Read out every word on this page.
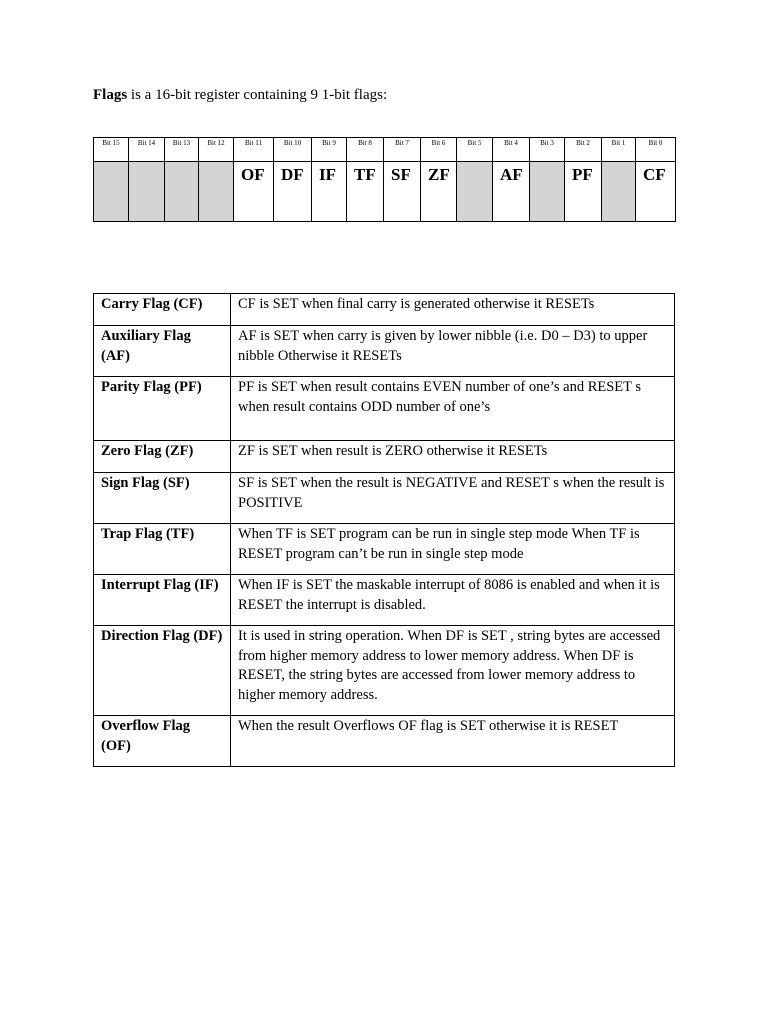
Flags is a 16-bit register containing 9 1-bit flags:
Bit 15	Bit 14	Bit 13	Bit 12	Bit 11	Bit 10	Bit 9	Bit 8	Bit 7	Bit 6	Bit 5	Bit 4	Bit 3	Bit 2	Bit 1	Bit 0
				OF	DF	IF	TF	SF	ZF		AF		PF		CF
Carry Flag (CF)	CF is SET when final carry is generated otherwise it RESETs
Auxiliary Flag (AF)	AF is SET when carry is given by lower nibble (i.e. D0 – D3) to upper nibble Otherwise it RESETs
Parity Flag (PF)	PF is SET when result contains EVEN number of one’s and RESET s when result contains ODD number of one’s
Zero Flag (ZF)	ZF is SET when result is ZERO otherwise it RESETs
Sign Flag (SF)	SF is SET when the result is NEGATIVE and RESET s when the result is POSITIVE
Trap Flag (TF)	When TF is SET program can be run in single step mode When TF is RESET program can’t be run in single step mode
Interrupt Flag (IF)	When IF is SET the maskable interrupt of 8086 is enabled and when it is RESET the interrupt is disabled.
Direction Flag (DF)	It is used in string operation. When DF is SET , string bytes are accessed from higher memory address to lower memory address. When DF is RESET, the string bytes are accessed from lower memory address to higher memory address.
Overflow Flag (OF)	When the result Overflows OF flag is SET otherwise it is RESET
